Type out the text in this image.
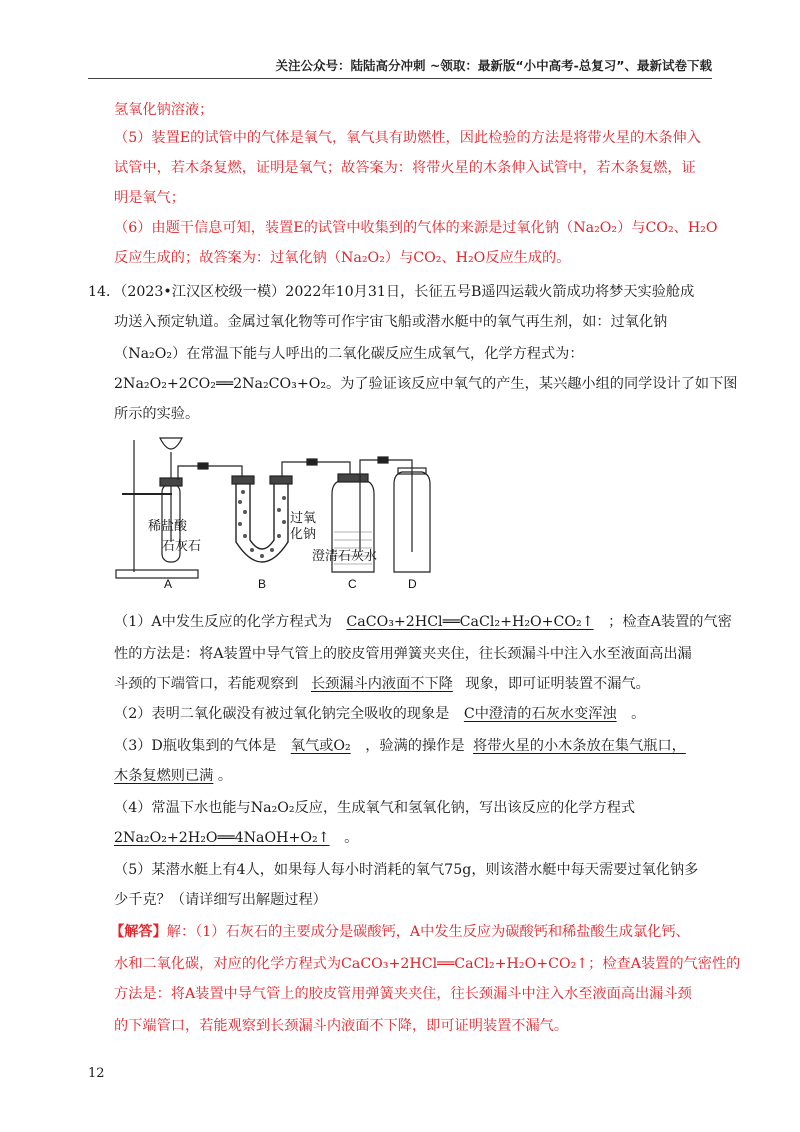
关注公众号：陆陆高分冲刺 ~领取：最新版“小中高考-总复习”、最新试卷下载
氢氧化钠溶液；
（5）装置E的试管中的气体是氧气，氧气具有助燃性，因此检验的方法是将带火星的木条伸入
试管中，若木条复燃，证明是氧气；故答案为：将带火星的木条伸入试管中，若木条复燃，证
明是氧气；
（6）由题干信息可知，装置E的试管中收集到的气体的来源是过氧化钠（Na₂O₂）与CO₂、H₂O
反应生成的；故答案为：过氧化钠（Na₂O₂）与CO₂、H₂O反应生成的。
14．（2023•江汉区校级一模）2022年10月31日，长征五号B遥四运载火箭成功将梦天实验舱成
功送入预定轨道。金属过氧化物等可作宇宙飞船或潜水艇中的氧气再生剂，如：过氧化钠
（Na₂O₂）在常温下能与人呼出的二氧化碳反应生成氧气，化学方程式为：
2Na₂O₂+2CO₂══2Na₂CO₃+O₂。为了验证该反应中氧气的产生，某兴趣小组的同学设计了如下图
所示的实验。
稀盐酸
石灰石
过氧
化钠
澄清石灰水
A	B	C	D
（1）A中发生反应的化学方程式为 CaCO₃+2HCl══CaCl₂+H₂O+CO₂↑ ；检查A装置的气密
性的方法是：将A装置中导气管上的胶皮管用弹簧夹夹住，往长颈漏斗中注入水至液面高出漏
斗颈的下端管口，若能观察到 长颈漏斗内液面不下降 现象，即可证明装置不漏气。
（2）表明二氧化碳没有被过氧化钠完全吸收的现象是 C中澄清的石灰水变浑浊 。
（3）D瓶收集到的气体是 氧气或O₂ ，验满的操作是 将带火星的小木条放在集气瓶口，
木条复燃则已满 。
（4）常温下水也能与Na₂O₂反应，生成氧气和氢氧化钠，写出该反应的化学方程式
2Na₂O₂+2H₂O══4NaOH+O₂↑ 。
（5）某潜水艇上有4人，如果每人每小时消耗的氧气75g，则该潜水艇中每天需要过氧化钠多
少千克？（请详细写出解题过程）
【解答】解：（1）石灰石的主要成分是碳酸钙，A中发生反应为碳酸钙和稀盐酸生成氯化钙、
水和二氧化碳，对应的化学方程式为CaCO₃+2HCl══CaCl₂+H₂O+CO₂↑；检查A装置的气密性的
方法是：将A装置中导气管上的胶皮管用弹簧夹夹住，往长颈漏斗中注入水至液面高出漏斗颈
的下端管口，若能观察到长颈漏斗内液面不下降，即可证明装置不漏气。
12
